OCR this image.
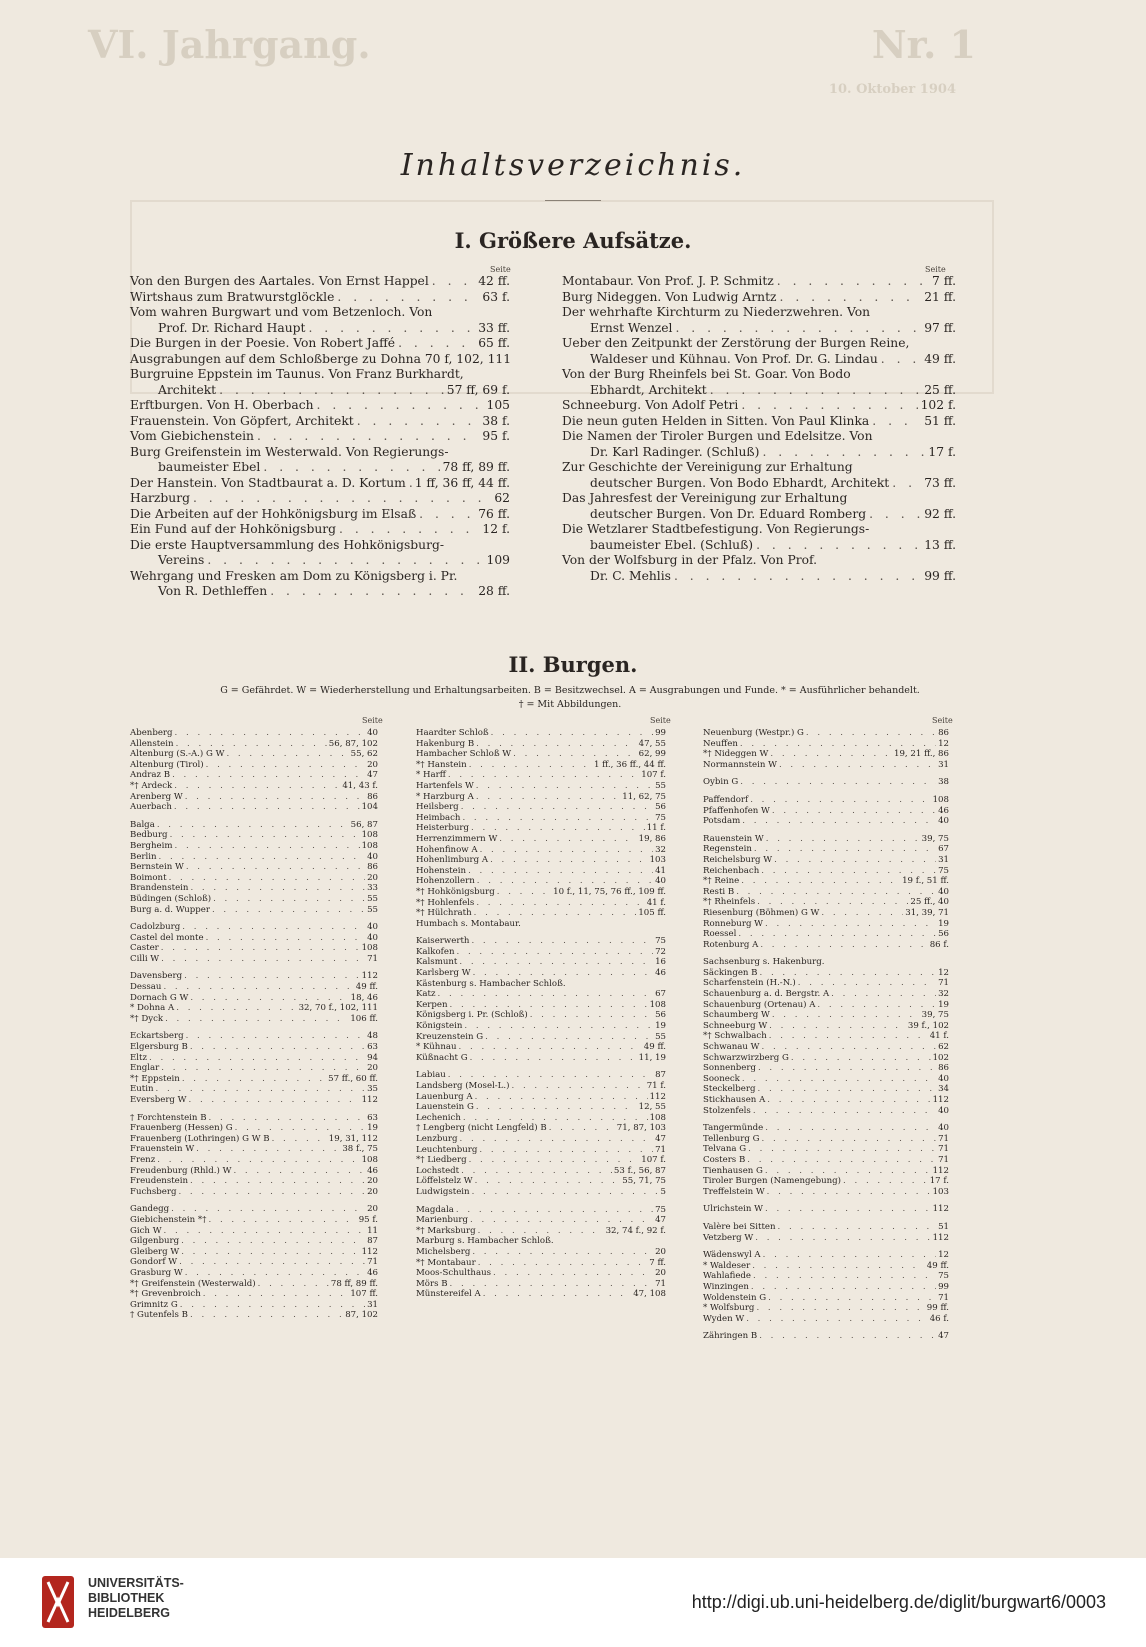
VI. Jahrgang.	Nr. 1
10. Oktober 1904
Inhaltsverzeichnis.
I. Größere Aufsätze.
Seite	Seite
Von den Burgen des Aartales. Von Ernst Happel . . .	42 ff.
Wirtshaus zum Bratwurstglöckle . . .	63 f.
Vom wahren Burgwart und vom Betzenloch. Von
Prof. Dr. Richard Haupt . . .	33 ff.
Die Burgen in der Poesie. Von Robert Jaffé . . .	65 ff.
Ausgrabungen auf dem Schloßberge zu Dohna 70 f, 102, 111
Burgruine Eppstein im Taunus. Von Franz Burkhardt,
Architekt . . .	57 ff, 69 f.
Erftburgen. Von H. Oberbach . . .	105
Frauenstein. Von Göpfert, Architekt . . .	38 f.
Vom Giebichenstein . . .	95 f.
Burg Greifenstein im Westerwald. Von Regierungs-
baumeister Ebel . . .	78 ff, 89 ff.
Der Hanstein. Von Stadtbaurat a. D. Kortum . . . 1 ff, 36 ff, 44 ff.
Harzburg . . .	62
Die Arbeiten auf der Hohkönigsburg im Elsaß . . .	76 ff.
Ein Fund auf der Hohkönigsburg . . .	12 f.
Die erste Hauptversammlung des Hohkönigsburg-
Vereins . . .	109
Wehrgang und Fresken am Dom zu Königsberg i. Pr.
Von R. Dethleffen . . .	28 ff.
Montabaur. Von Prof. J. P. Schmitz . . .	7 ff.
Burg Nideggen. Von Ludwig Arntz . . .	21 ff.
Der wehrhafte Kirchturm zu Niederzwehren. Von
Ernst Wenzel . . .	97 ff.
Ueber den Zeitpunkt der Zerstörung der Burgen Reine,
Waldeser und Kühnau. Von Prof. Dr. G. Lindau . . .	49 ff.
Von der Burg Rheinfels bei St. Goar. Von Bodo
Ebhardt, Architekt . . .	25 ff.
Schneeburg. Von Adolf Petri . . .	102 f.
Die neun guten Helden in Sitten. Von Paul Klinka . . .	51 ff.
Die Namen der Tiroler Burgen und Edelsitze. Von
Dr. Karl Radinger. (Schluß) . . .	17 f.
Zur Geschichte der Vereinigung zur Erhaltung
deutscher Burgen. Von Bodo Ebhardt, Architekt . . .	73 ff.
Das Jahresfest der Vereinigung zur Erhaltung
deutscher Burgen. Von Dr. Eduard Romberg . . .	92 ff.
Die Wetzlarer Stadtbefestigung. Von Regierungs-
baumeister Ebel. (Schluß) . . .	13 ff.
Von der Wolfsburg in der Pfalz. Von Prof.
Dr. C. Mehlis . . .	99 ff.
II. Burgen.
G = Gefährdet. W = Wiederherstellung und Erhaltungsarbeiten. B = Besitzwechsel. A = Ausgrabungen und Funde. * = Ausführlicher behandelt.
† = Mit Abbildungen.
Seite	Seite	Seite
Abenberg . . .	40
Allenstein . . .	56, 87, 102
Altenburg (S.-A.) G W . . .	55, 62
Altenburg (Tirol) . . .	20
Andraz B . . .	47
*† Ardeck . . .	41, 43 f.
Arenberg W . . .	86
Auerbach . . .	104
Balga . . .	56, 87
Bedburg . . .	108
Bergheim . . .	108
Berlin . . .	40
Bernstein W . . .	86
Boimont . . .	20
Brandenstein . . .	33
Büdingen (Schloß) . . .	55
Burg a. d. Wupper . . .	55
Cadolzburg . . .	40
Castel del monte . . .	40
Caster . . .	108
Cilli W . . .	71
Davensberg . . .	112
Dessau . . .	49 ff.
Dornach G W . . .	18, 46
* Dohna A . . .	32, 70 f., 102, 111
*† Dyck . . .	106 ff.
Eckartsberg . . .	48
Elgersburg B . . .	63
Eltz . . .	94
Englar . . .	20
*† Eppstein . . .	57 ff., 60 ff.
Eutin . . .	35
Eversberg W . . .	112
† Forchtenstein B . . .	63
Frauenberg (Hessen) G . . .	19
Frauenberg (Lothringen) G W B . . .	19, 31, 112
Frauenstein W . . .	38 f., 75
Frenz . . .	108
Freudenburg (Rhld.) W . . .	46
Freudenstein . . .	20
Fuchsberg . . .	20
Gandegg . . .	20
Giebichenstein *† . . .	95 f.
Gich W . . .	11
Gilgenburg . . .	87
Gleiberg W . . .	112
Gondorf W . . .	71
Grasburg W . . .	46
*† Greifenstein (Westerwald) . . .	78 ff, 89 ff.
*† Grevenbroich . . .	107 ff.
Grimnitz G . . .	31
† Gutenfels B . . .	87, 102
Haardter Schloß . . .	99
Hakenburg B . . .	47, 55
Hambacher Schloß W . . .	62, 99
*† Hanstein . . .	1 ff., 36 ff., 44 ff.
* Harff . . .	107 f.
Hartenfels W . . .	55
* Harzburg A . . .	11, 62, 75
Heilsberg . . .	56
Heimbach . . .	75
Heisterburg . . .	11 f.
Herrenzimmern W . . .	19, 86
Hohenfinow A . . .	32
Hohenlimburg A . . .	103
Hohenstein . . .	41
Hohenzollern . . .	40
*† Hohkönigsburg . . .	10 f., 11, 75, 76 ff., 109 ff.
*† Hohlenfels . . .	41 f.
*† Hülchrath . . .	105 ff.
Humbach s. Montabaur.
Kaiserwerth . . .	75
Kalkofen . . .	72
Kalsmunt . . .	16
Karlsberg W . . .	46
Kästenburg s. Hambacher Schloß.
Katz . . .	67
Kerpen . . .	108
Königsberg i. Pr. (Schloß) . . .	56
Königstein . . .	19
Kreuzenstein G . . .	55
* Kühnau . . .	49 ff.
Küßnacht G . . .	11, 19
Labiau . . .	87
Landsberg (Mosel-L.) . . .	71 f.
Lauenburg A . . .	112
Lauenstein G . . .	12, 55
Lechenich . . .	108
† Lengberg (nicht Lengfeld) B . . .	71, 87, 103
Lenzburg . . .	47
Leuchtenburg . . .	71
*† Liedberg . . .	107 f.
Lochstedt . . .	53 f., 56, 87
Löffelstelz W . . .	55, 71, 75
Ludwigstein . . .	5
Magdala . . .	75
Marienburg . . .	47
*† Marksburg . . .	32, 74 f., 92 f.
Marburg s. Hambacher Schloß.
Michelsberg . . .	20
*† Montabaur . . .	7 ff.
Moos-Schulthaus . . .	20
Mörs B . . .	71
Münstereifel A . . .	47, 108
Neuenburg (Westpr.) G . . .	86
Neuffen . . .	12
*† Nideggen W . . .	19, 21 ff., 86
Normannstein W . . .	31
Oybin G . . .	38
Paffendorf . . .	108
Pfaffenhofen W . . .	46
Potsdam . . .	40
Rauenstein W . . .	39, 75
Regenstein . . .	67
Reichelsburg W . . .	31
Reichenbach . . .	75
*† Reine . . .	19 f., 51 ff.
Resti B . . .	40
*† Rheinfels . . .	25 ff., 40
Riesenburg (Böhmen) G W . . .	31, 39, 71
Ronneburg W . . .	19
Roessel . . .	56
Rotenburg A . . .	86 f.
Sachsenburg s. Hakenburg.
Säckingen B . . .	12
Scharfenstein (H.-N.) . . .	71
Schauenburg a. d. Bergstr. A . . .	32
Schauenburg (Ortenau) A . . .	19
Schaumberg W . . .	39, 75
Schneeburg W . . .	39 f., 102
*† Schwalbach . . .	41 f.
Schwanau W . . .	62
Schwarzwirzberg G . . .	102
Sonnenberg . . .	86
Sooneck . . .	40
Steckelberg . . .	34
Stickhausen A . . .	112
Stolzenfels . . .	40
Tangermünde . . .	40
Tellenburg G . . .	71
Telvana G . . .	71
Costers B . . .	71
Tienhausen G . . .	112
Tiroler Burgen (Namengebung) . . .	17 f.
Treffelstein W . . .	103
Ulrichstein W . . .	112
Valère bei Sitten . . .	51
Vetzberg W . . .	112
Wädenswyl A . . .	12
* Waldeser . . .	49 ff.
Wahlafiede . . .	75
Winzingen . . .	99
Woldenstein G . . .	71
* Wolfsburg . . .	99 ff.
Wyden W . . .	46 f.
Zähringen B . . .	47
UNIVERSITÄTS-
BIBLIOTHEK
HEIDELBERG
http://digi.ub.uni-heidelberg.de/diglit/burgwart6/0003
